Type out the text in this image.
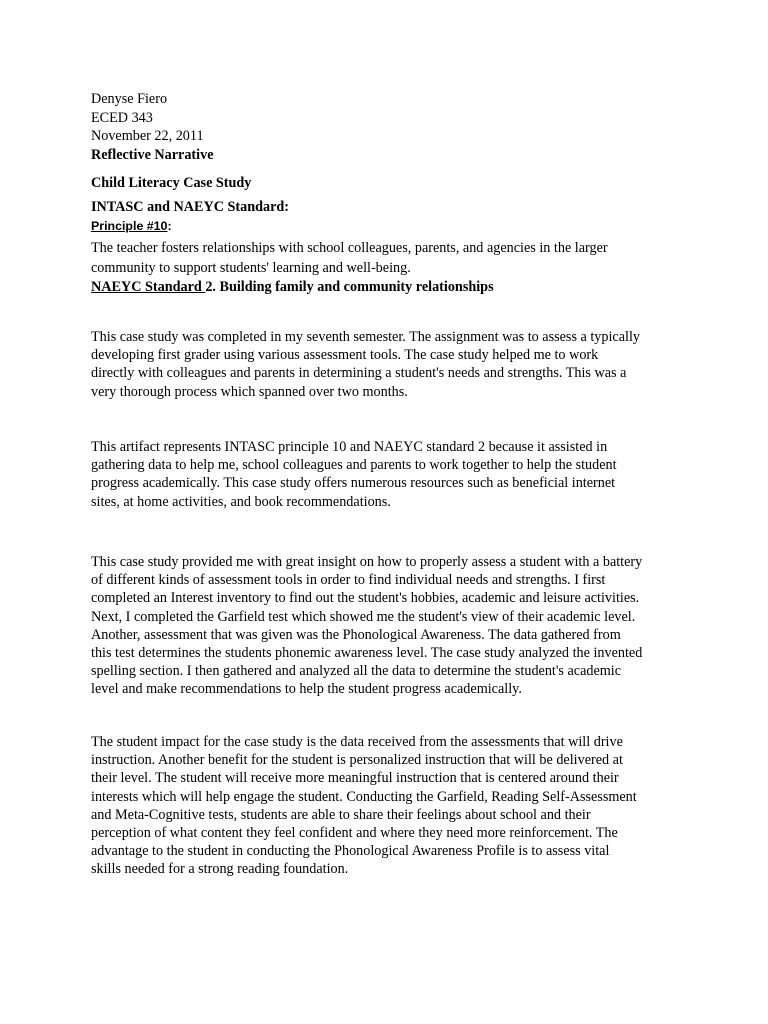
Denyse Fiero
ECED 343
November 22, 2011
Reflective Narrative
Child Literacy Case Study
INTASC and NAEYC Standard:
Principle #10:
The teacher fosters relationships with school colleagues, parents, and agencies in the larger
community to support students' learning and well-being.
NAEYC Standard 2. Building family and community relationships
This case study was completed in my seventh semester. The assignment was to assess a typically
developing first grader using various assessment tools. The case study helped me to work
directly with colleagues and parents in determining a student's needs and strengths. This was a
very thorough process which spanned over two months.
This artifact represents INTASC principle 10 and NAEYC standard 2 because it assisted in
gathering data to help me, school colleagues and parents to work together to help the student
progress academically. This case study offers numerous resources such as beneficial internet
sites, at home activities, and book recommendations.
This case study provided me with great insight on how to properly assess a student with a battery
of different kinds of assessment tools in order to find individual needs and strengths. I first
completed an Interest inventory to find out the student's hobbies, academic and leisure activities.
Next, I completed the Garfield test which showed me the student's view of their academic level.
Another, assessment that was given was the Phonological Awareness. The data gathered from
this test determines the students phonemic awareness level. The case study analyzed the invented
spelling section. I then gathered and analyzed all the data to determine the student's academic
level and make recommendations to help the student progress academically.
The student impact for the case study is the data received from the assessments that will drive
instruction. Another benefit for the student is personalized instruction that will be delivered at
their level. The student will receive more meaningful instruction that is centered around their
interests which will help engage the student. Conducting the Garfield, Reading Self-Assessment
and Meta-Cognitive tests, students are able to share their feelings about school and their
perception of what content they feel confident and where they need more reinforcement. The
advantage to the student in conducting the Phonological Awareness Profile is to assess vital
skills needed for a strong reading foundation.
